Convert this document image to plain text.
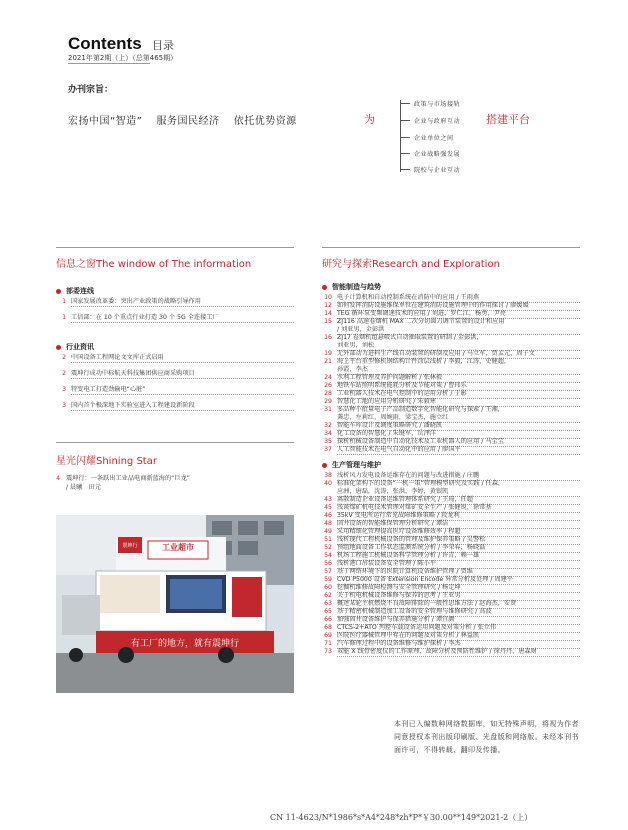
Contents 目录
2021年第2期（上）（总第465期）
办刊宗旨：
宏扬中国“智造”　 服务国民经济　 依托优势资源	为
政策与市场接轨
企业与政府互动
企业单位之间
企业战略强发展
院校与企业互动
搭建平台
信息之窗The window of The information
部委连线
1 国家发展改革委：突出产业政策的战略引导作用
1 工信部：在 10 个重点行业打造 30 个 5G 全连接工厂
行业资讯
2 中国设备工程网论文文库正式启用
2 震坤行成功中标航天科技集团供应商采购项目
3 特变电工打造劲输电“心脏”
3 国内首个极深地下实验室进入工程建设新阶段
星光闪耀Shining Star
4 震坤行：一条跃出工业品电商新蓝海的“巨龙”
/ 晨曦　田元
工业超市
震坤行
有工厂的地方，就有震坤行
研究与探索Research and Exploration
智能制造与趋势
10 电子计算机和自动控制系统在消防中的应用 / 王雨燕
12 如何发挥消防设施维保单位在建筑消防设施管理中的作用探讨 / 廖媛媛
14 TEG 循环泵变频调速技术的应用 / 刘进，罗仁江，杨勇，尹亮
15 ZJ116 高速卷烟机 MAX 二次分切圆刀调节装置的设计和应用
/ 刘亚男，金彭洪
16 ZJ17 卷烟机组悬吸式自动抽取装置的研制 / 金彭洪，
刘亚男，刘松
19 无外部动力进料生产线自动装置的研制及应用 / 马立军，贾孟元，周子文
21 海上平台重型修机钢结构计件涂层浅析 / 李毅，江涛，史健超，
孙霞，李杰
24 水利工程管理及养护问题解析 / 张林毅
26 地铁车站照明系统能耗分析及节能对策 / 曹玮乐
28 工业机器人技术在电气控制中的运用分析 / 于影
29 智慧化工地的应用分析研究 / 朱毅寒
31 多品种小批量电子产品制造数字化智能化研究与探索 / 王湘，
龚忠，左莉红，周婉雨，梁宝杰，施立红
32 智能车库设计及调度策略研究 / 潘晓凯
34 化工设备的智慧化 / 朱键军，岳泽洋
35 探析机械设备制造中自动化技术及工业机器人的应用 / 马宝宝
37 人工智能技术在电气自动化中的应用 / 廖国平
生产管理与维护
38 浅析风力发电设备运维存在的问题与改进措施 / 庄鹏
40 标准化架构下的设备“一机一策”管理模型研究及实践 / 任森，
应洲，唐磊，沈涛，张洪，李婷，黄银凯
43 离散制造企业设备运维管理体系研究 / 王琦，任超
45 浅谈煤矿机电技术管理对煤矿安全生产 / 张健锐，徐常基
46 35kV 变电所运行常见故障维修策略 / 段龙利
48 固井设备的智能维保管理分析研究 / 谭洁
49 采用精细化管理提高医疗设备维修效率 / 程超
51 浅析现代工程机械设备的管理及维护保养策略 / 吴警松
52 预组地面设备工作状态监测系统分析 / 李荣春，杨晓磊
54 机场工程施工机械设备科学管理分析 / 许青，赖一雄
56 浅析港口吊装设备安全管理 / 陈小平
57 基于网络环境下的医院计算机设备维护管理 / 贾维
59 CVD P5000 设备 Extension Encode 异常分析及处理 / 周建平
60 挖掘机维修故障检测与安全管理研究 / 杨定坤
62 关于机电机械设备维修与保养的思考 / 王亚男
63 概述某轮主机燃烧不良故障排除的一般性思维方法 / 赵海杰，安贤
65 基于精密机械制造加工设备的安全管理与维修研究 / 高波
66 加强固井设备维护与保养措施分析 / 谭宜颜
68 CTCS-2+ATO 列控车载设备运用问题及对策分析 / 张立伟
69 医院医疗器械管理中存在的问题及对策分析 / 林益凯
71 汽车修理过程中的设备维修与维护探析 / 李杰
73 双能 X 线骨密度仪的工作原理、故障分析及预防性维护 / 徐丹丹，唐森财
本刊已入编数种网络数据库，如无特殊声明，将视为作者同意授权本刊出版印刷版、光盘版和网络版。未经本刊书面许可，不得转载、翻印及传播。
CN 11-4623/N*1986*s*A4*248*zh*P*￥30.00**149*2021-2（上）
